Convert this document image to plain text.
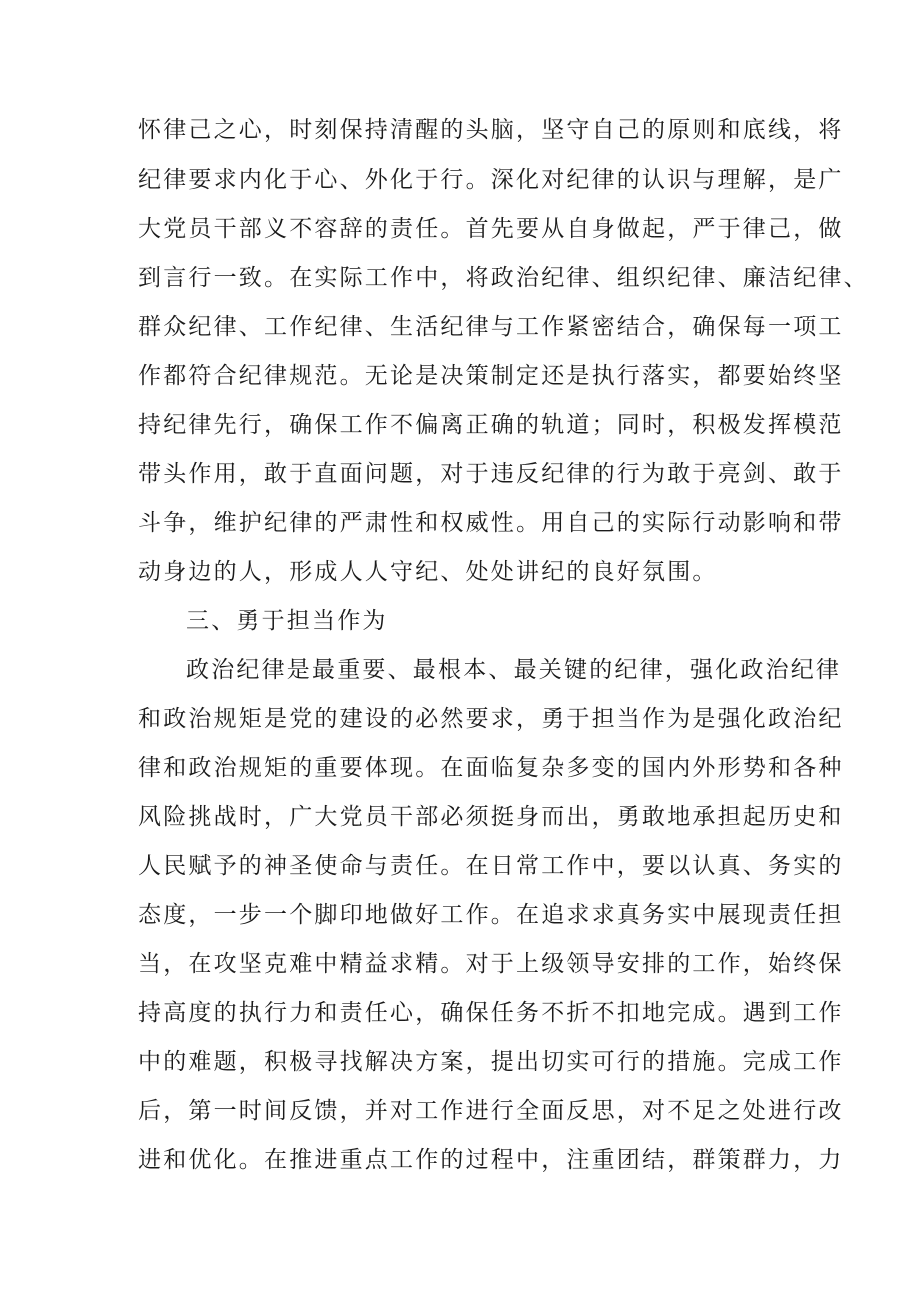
怀律己之心，时刻保持清醒的头脑，坚守自己的原则和底线，将
纪律要求内化于心、外化于行。深化对纪律的认识与理解，是广
大党员干部义不容辞的责任。首先要从自身做起，严于律己，做
到言行一致。在实际工作中，将政治纪律、组织纪律、廉洁纪律、
群众纪律、工作纪律、生活纪律与工作紧密结合，确保每一项工
作都符合纪律规范。无论是决策制定还是执行落实，都要始终坚
持纪律先行，确保工作不偏离正确的轨道；同时，积极发挥模范
带头作用，敢于直面问题，对于违反纪律的行为敢于亮剑、敢于
斗争，维护纪律的严肃性和权威性。用自己的实际行动影响和带
动身边的人，形成人人守纪、处处讲纪的良好氛围。
三、勇于担当作为
政治纪律是最重要、最根本、最关键的纪律，强化政治纪律
和政治规矩是党的建设的必然要求，勇于担当作为是强化政治纪
律和政治规矩的重要体现。在面临复杂多变的国内外形势和各种
风险挑战时，广大党员干部必须挺身而出，勇敢地承担起历史和
人民赋予的神圣使命与责任。在日常工作中，要以认真、务实的
态度，一步一个脚印地做好工作。在追求求真务实中展现责任担
当，在攻坚克难中精益求精。对于上级领导安排的工作，始终保
持高度的执行力和责任心，确保任务不折不扣地完成。遇到工作
中的难题，积极寻找解决方案，提出切实可行的措施。完成工作
后，第一时间反馈，并对工作进行全面反思，对不足之处进行改
进和优化。在推进重点工作的过程中，注重团结，群策群力，力
